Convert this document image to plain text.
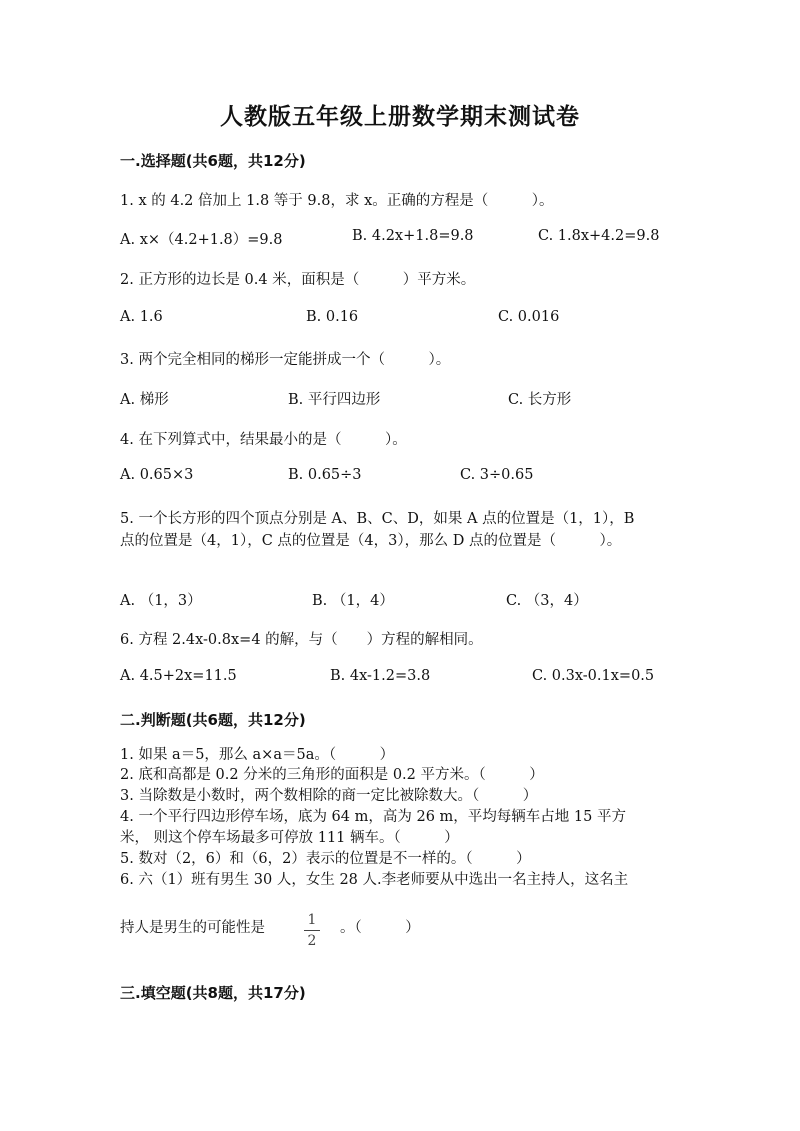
人教版五年级上册数学期末测试卷
一.选择题(共6题，共12分)
1. x 的 4.2 倍加上 1.8 等于 9.8，求 x。正确的方程是（　　　）。
A. x×（4.2+1.8）=9.8	B. 4.2x+1.8=9.8	C. 1.8x+4.2=9.8
2. 正方形的边长是 0.4 米，面积是（　　　）平方米。
A. 1.6	B. 0.16	C. 0.016
3. 两个完全相同的梯形一定能拼成一个（　　　）。
A. 梯形	B. 平行四边形	C. 长方形
4. 在下列算式中，结果最小的是（　　　）。
A. 0.65×3	B. 0.65÷3	C. 3÷0.65
5. 一个长方形的四个顶点分别是 A、B、C、D，如果 A 点的位置是（1，1），B
点的位置是（4，1），C 点的位置是（4，3），那么 D 点的位置是（　　　）。
A. （1，3）	B. （1，4）	C. （3，4）
6. 方程 2.4x-0.8x=4 的解，与（　　）方程的解相同。
A. 4.5+2x=11.5	B. 4x-1.2=3.8	C. 0.3x-0.1x=0.5
二.判断题(共6题，共12分)
1. 如果 a＝5，那么 a×a＝5a。（　　　）
2. 底和高都是 0.2 分米的三角形的面积是 0.2 平方米。（　　　）
3. 当除数是小数时，两个数相除的商一定比被除数大。（　　　）
4. 一个平行四边形停车场，底为 64 m，高为 26 m，平均每辆车占地 15 平方
米， 则这个停车场最多可停放 111 辆车。（　　　）
5. 数对（2，6）和（6，2）表示的位置是不一样的。（　　　）
6. 六（1）班有男生 30 人，女生 28 人.李老师要从中选出一名主持人，这名主
持人是男生的可能性是	1
2
。（　　　）
三.填空题(共8题，共17分)
